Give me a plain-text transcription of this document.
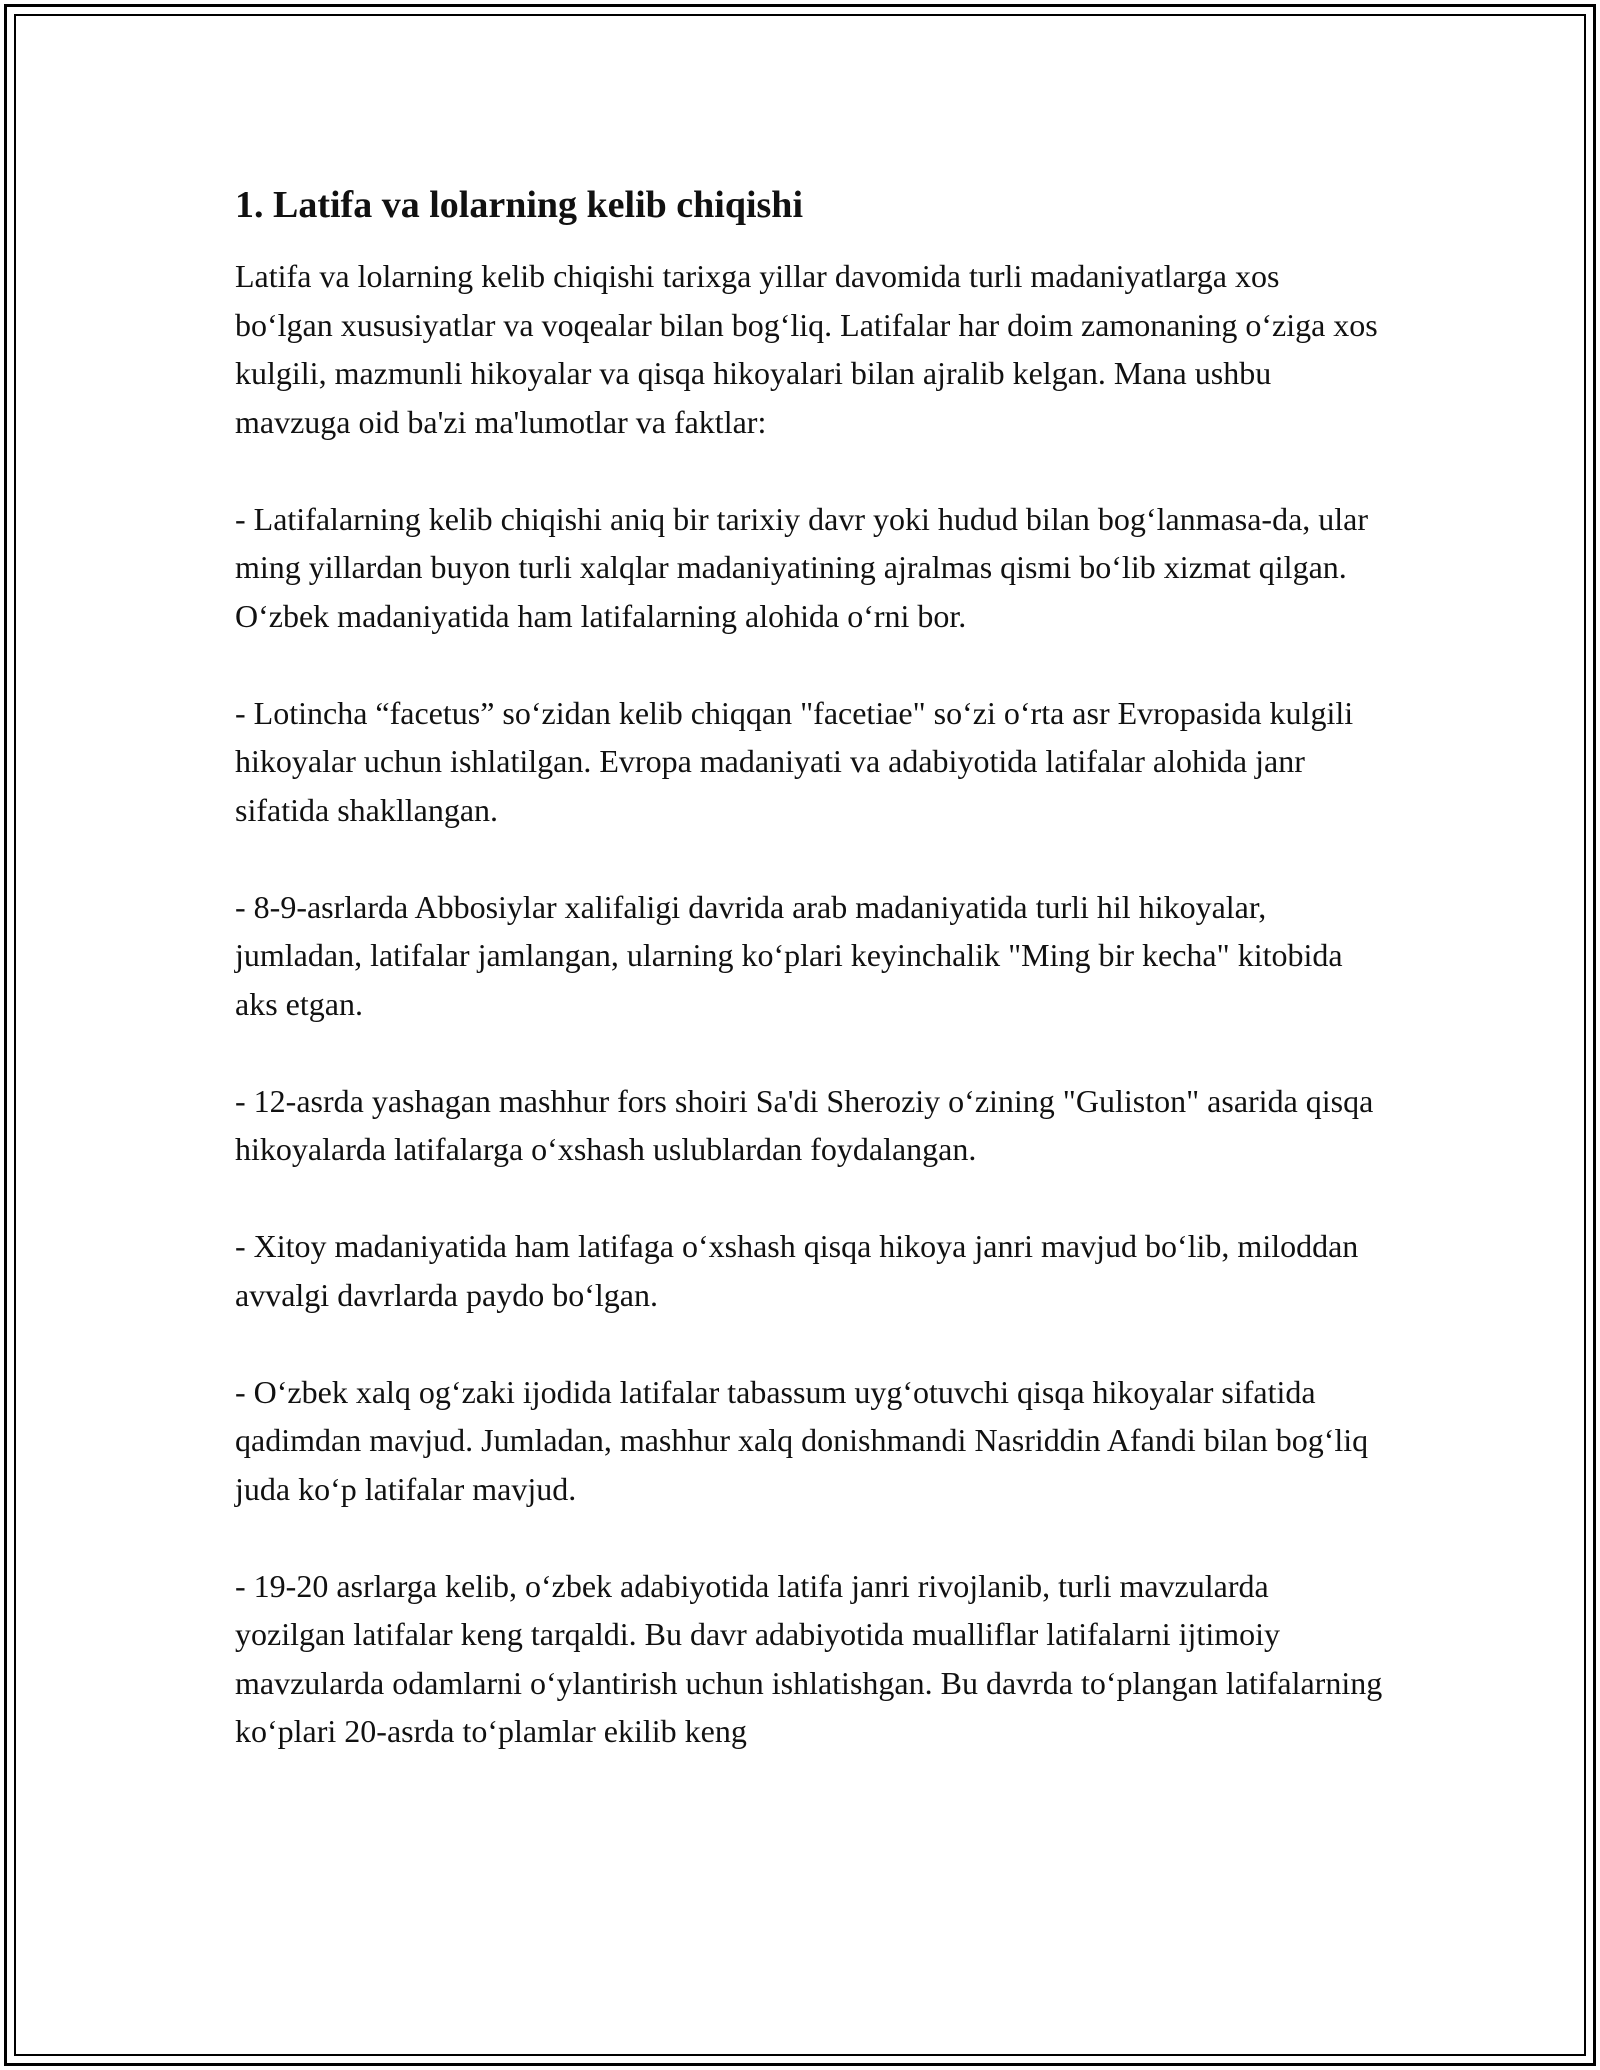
1. Latifa va lolarning kelib chiqishi

Latifa va lolarning kelib chiqishi tarixga yillar davomida turli madaniyatlarga xos bo‘lgan xususiyatlar va voqealar bilan bog‘liq. Latifalar har doim zamonaning o‘ziga xos kulgili, mazmunli hikoyalar va qisqa hikoyalari bilan ajralib kelgan. Mana ushbu mavzuga oid ba'zi ma'lumotlar va faktlar:

- Latifalarning kelib chiqishi aniq bir tarixiy davr yoki hudud bilan bog‘lanmasa-da, ular ming yillardan buyon turli xalqlar madaniyatining ajralmas qismi bo‘lib xizmat qilgan. O‘zbek madaniyatida ham latifalarning alohida o‘rni bor.

- Lotincha “facetus” so‘zidan kelib chiqqan "facetiae" so‘zi o‘rta asr Evropasida kulgili hikoyalar uchun ishlatilgan. Evropa madaniyati va adabiyotida latifalar alohida janr sifatida shakllangan.

- 8-9-asrlarda Abbosiylar xalifaligi davrida arab madaniyatida turli hil hikoyalar, jumladan, latifalar jamlangan, ularning ko‘plari keyinchalik "Ming bir kecha" kitobida aks etgan.

- 12-asrda yashagan mashhur fors shoiri Sa'di Sheroziy o‘zining "Guliston" asarida qisqa hikoyalarda latifalarga o‘xshash uslublardan foydalangan.

- Xitoy madaniyatida ham latifaga o‘xshash qisqa hikoya janri mavjud bo‘lib, miloddan avvalgi davrlarda paydo bo‘lgan.

- O‘zbek xalq og‘zaki ijodida latifalar tabassum uyg‘otuvchi qisqa hikoyalar sifatida qadimdan mavjud. Jumladan, mashhur xalq donishmandi Nasriddin Afandi bilan bog‘liq juda ko‘p latifalar mavjud.

- 19-20 asrlarga kelib, o‘zbek adabiyotida latifa janri rivojlanib, turli mavzularda yozilgan latifalar keng tarqaldi. Bu davr adabiyotida mualliflar latifalarni ijtimoiy mavzularda odamlarni o‘ylantirish uchun ishlatishgan. Bu davrda to‘plangan latifalarning ko‘plari 20-asrda to‘plamlar ekilib keng
